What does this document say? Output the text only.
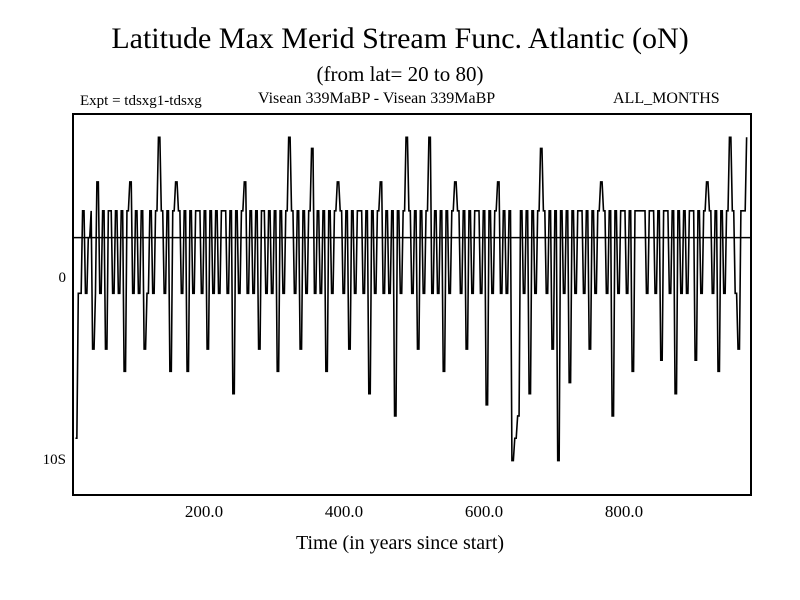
Latitude Max Merid Stream Func. Atlantic (oN)
(from lat= 20 to 80)
Expt = tdsxg1-tdsxg	Visean 339MaBP - Visean 339MaBP	ALL_MONTHS
0
10S
200.0	400.0	600.0	800.0
Time (in years since start)
